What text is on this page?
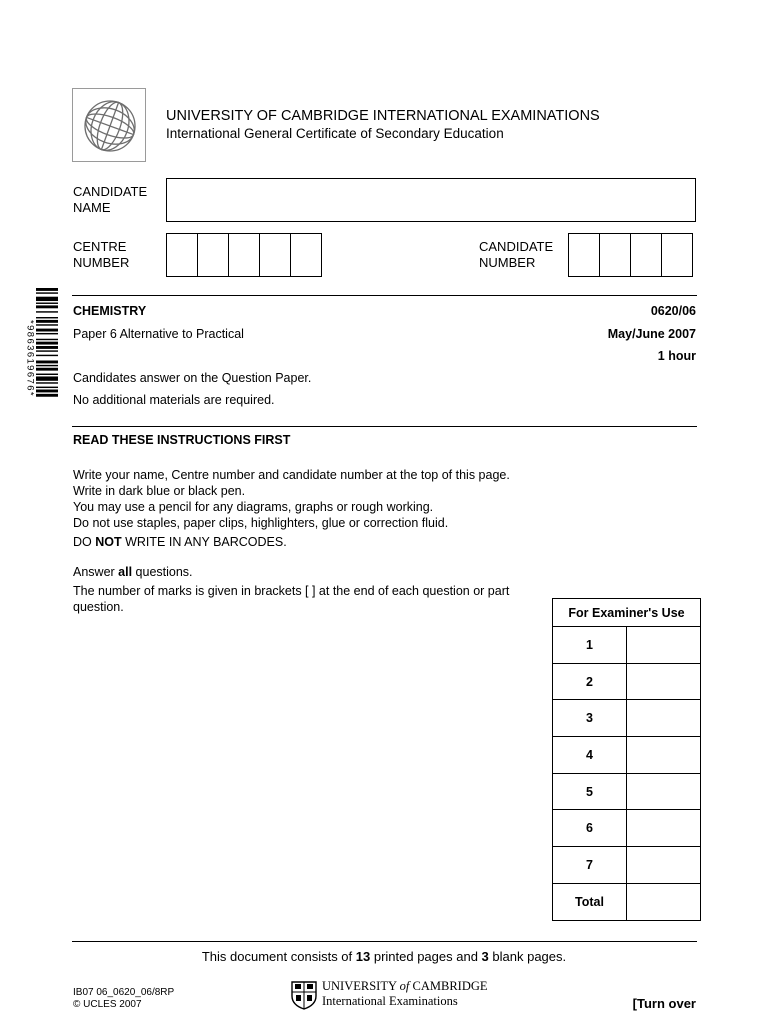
UNIVERSITY OF CAMBRIDGE INTERNATIONAL EXAMINATIONS
International General Certificate of Secondary Education
CANDIDATE
NAME
CENTRE
NUMBER
CANDIDATE
NUMBER
*9863619676*
CHEMISTRY	0620/06
Paper 6 Alternative to Practical	May/June 2007
1 hour
Candidates answer on the Question Paper.
No additional materials are required.
READ THESE INSTRUCTIONS FIRST
Write your name, Centre number and candidate number at the top of this page.
Write in dark blue or black pen.
You may use a pencil for any diagrams, graphs or rough working.
Do not use staples, paper clips, highlighters, glue or correction fluid.
DO NOT WRITE IN ANY BARCODES.
Answer all questions.
The number of marks is given in brackets [ ] at the end of each question or part
question.	For Examiner's Use	
1	
2	
3	
4	
5	
6	
7	
Total	
This document consists of 13 printed pages and 3 blank pages.
IB07 06_0620_06/8RP
© UCLES 2007
UNIVERSITY of CAMBRIDGE
International Examinations	[Turn over
